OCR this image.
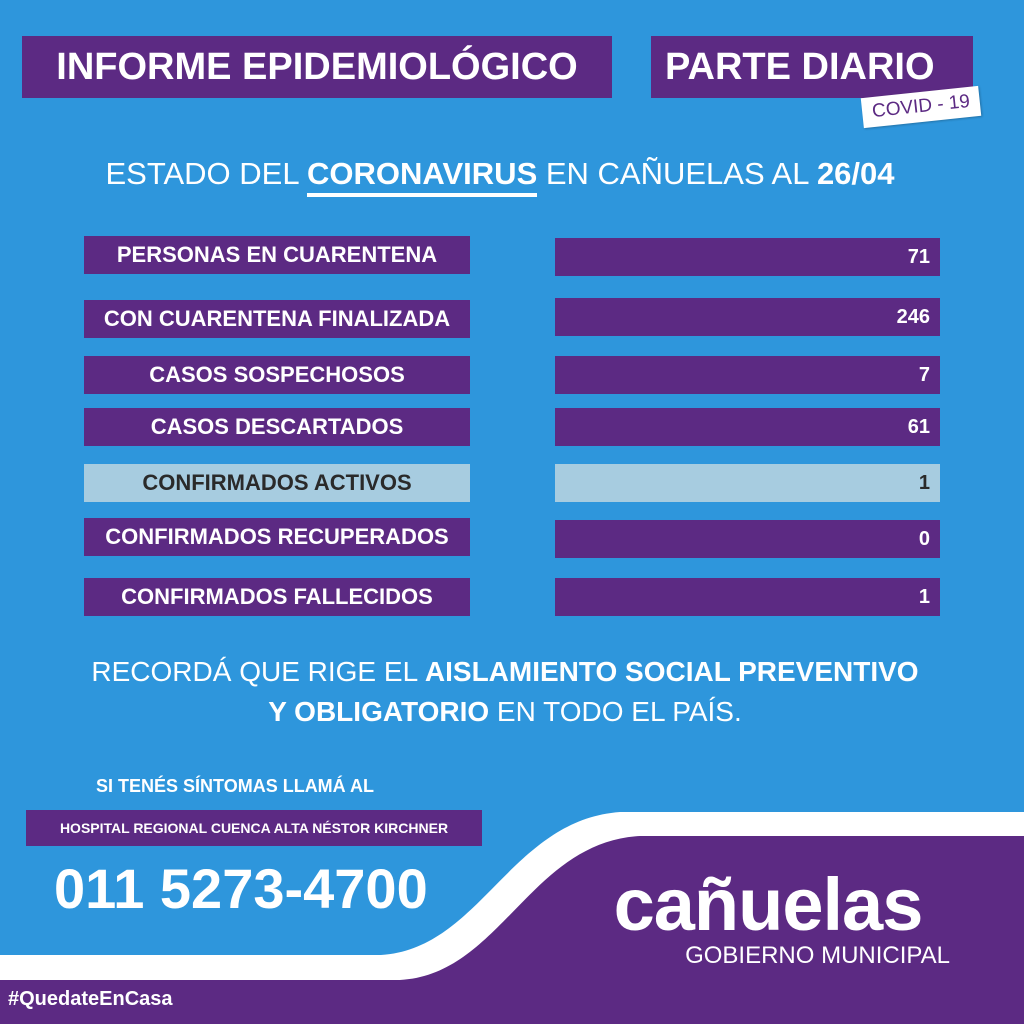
INFORME EPIDEMIOLÓGICO	PARTE DIARIO
COVID - 19
ESTADO DEL CORONAVIRUS EN CAÑUELAS AL 26/04
PERSONAS EN CUARENTENA	71
CON CUARENTENA FINALIZADA	246
CASOS SOSPECHOSOS	7
CASOS DESCARTADOS	61
CONFIRMADOS ACTIVOS	1
CONFIRMADOS RECUPERADOS	0
CONFIRMADOS FALLECIDOS	1
RECORDÁ QUE RIGE EL AISLAMIENTO SOCIAL PREVENTIVO
Y OBLIGATORIO EN TODO EL PAÍS.
SI TENÉS SÍNTOMAS LLAMÁ AL
HOSPITAL REGIONAL CUENCA ALTA NÉSTOR KIRCHNER
011 5273-4700	cañuelas
GOBIERNO MUNICIPAL
#QuedateEnCasa
